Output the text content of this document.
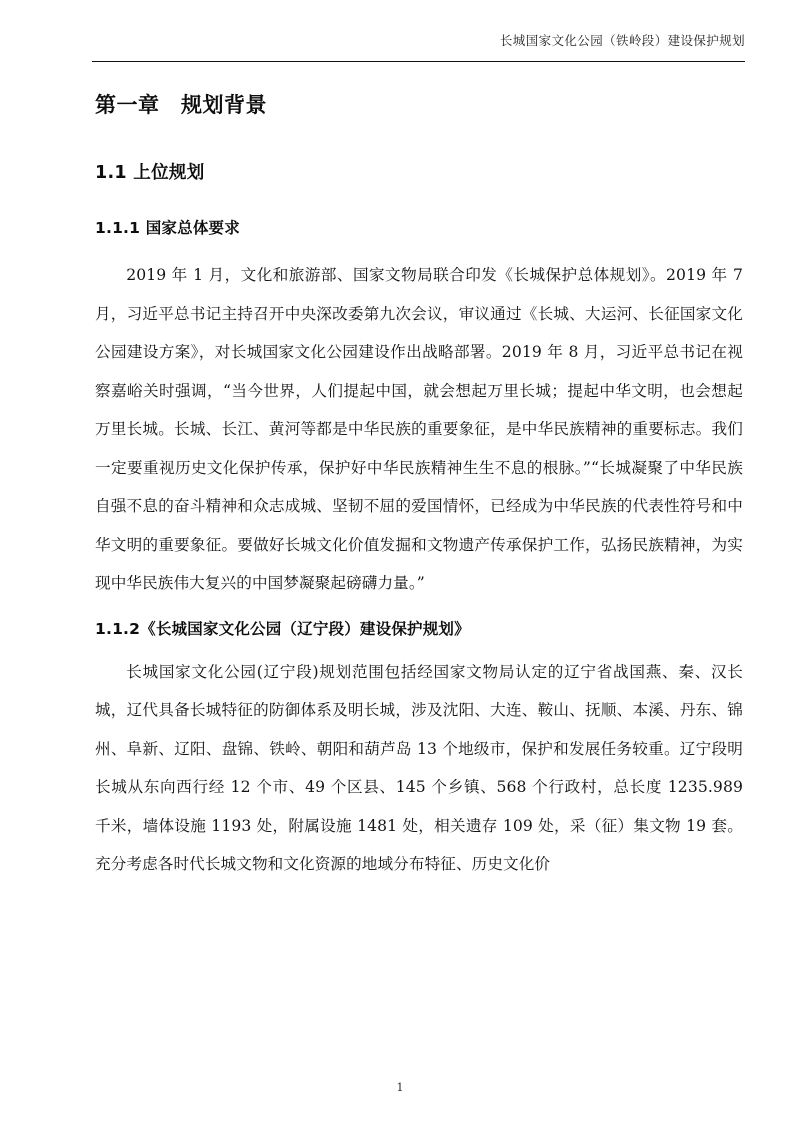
长城国家文化公园（铁岭段）建设保护规划
第一章　规划背景
1.1 上位规划
1.1.1 国家总体要求

2019 年 1 月，文化和旅游部、国家文物局联合印发《长城保护总体规划》。2019 年 7 月，习近平总书记主持召开中央深改委第九次会议，审议通过《长城、大运河、长征国家文化公园建设方案》，对长城国家文化公园建设作出战略部署。2019 年 8 月，习近平总书记在视察嘉峪关时强调，“当今世界，人们提起中国，就会想起万里长城；提起中华文明，也会想起万里长城。长城、长江、黄河等都是中华民族的重要象征，是中华民族精神的重要标志。我们一定要重视历史文化保护传承，保护好中华民族精神生生不息的根脉。”“长城凝聚了中华民族自强不息的奋斗精神和众志成城、坚韧不屈的爱国情怀，已经成为中华民族的代表性符号和中华文明的重要象征。要做好长城文化价值发掘和文物遗产传承保护工作，弘扬民族精神，为实现中华民族伟大复兴的中国梦凝聚起磅礴力量。”

1.1.2《长城国家文化公园（辽宁段）建设保护规划》

长城国家文化公园(辽宁段)规划范围包括经国家文物局认定的辽宁省战国燕、秦、汉长城，辽代具备长城特征的防御体系及明长城，涉及沈阳、大连、鞍山、抚顺、本溪、丹东、锦州、阜新、辽阳、盘锦、铁岭、朝阳和葫芦岛 13 个地级市，保护和发展任务较重。辽宁段明长城从东向西行经 12 个市、49 个区县、145 个乡镇、568 个行政村，总长度 1235.989 千米，墙体设施 1193 处，附属设施 1481 处，相关遗存 109 处，采（征）集文物 19 套。充分考虑各时代长城文物和文化资源的地域分布特征、历史文化价

1
